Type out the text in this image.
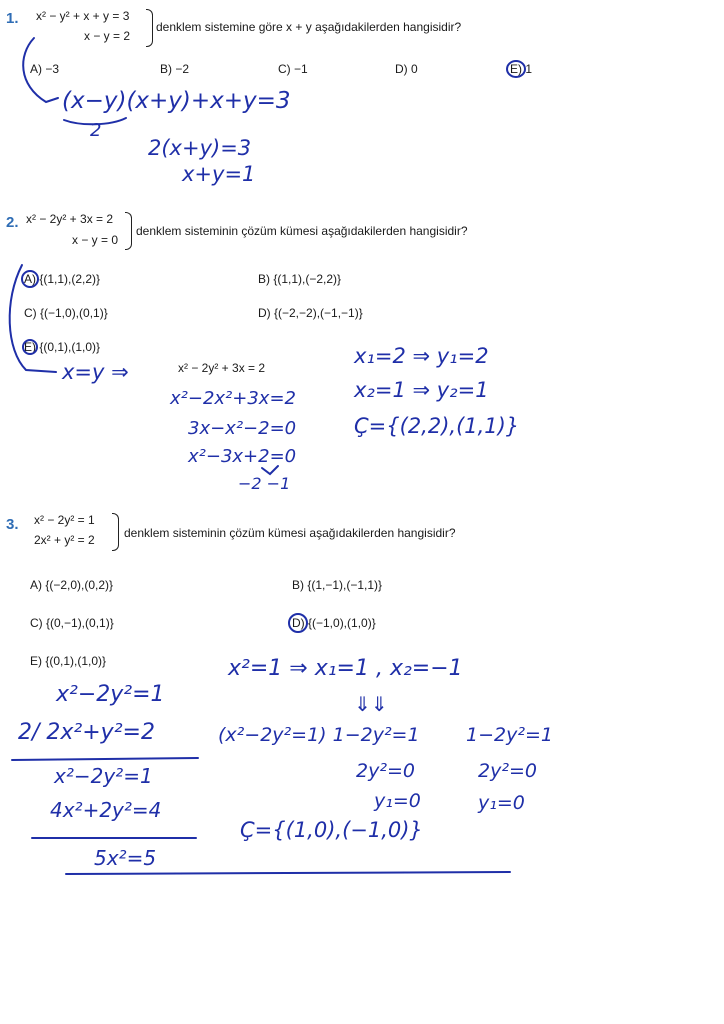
1. x² − y² + x + y = 3
x − y = 2
denklem sistemine göre x + y aşağıdakilerden hangisidir?
A) −3	B) −2	C) −1	D) 0	E) 1
(x−y)(x+y)+x+y=3
2
2(x+y)=3
x+y=1
2. x² − 2y² + 3x = 2
x − y = 0
denklem sisteminin çözüm kümesi aşağıdakilerden hangisidir?
A) {(1,1),(2,2)}	B) {(1,1),(−2,2)}
C) {(−1,0),(0,1)}	D) {(−2,−2),(−1,−1)}
E) {(0,1),(1,0)}
x=y ⇒	x² − 2y² + 3x = 2
x²−2x²+3x=2
3x−x²−2=0
x²−3x+2=0
−2 −1
x₁=2 ⇒ y₁=2
x₂=1 ⇒ y₂=1
Ç={(2,2),(1,1)}
3. x² − 2y² = 1
2x² + y² = 2 denklem sisteminin çözüm kümesi aşağıdakilerden hangisidir?
A) {(−2,0),(0,2)}	B) {(1,−1),(−1,1)}
C) {(0,−1),(0,1)}	D) {(−1,0),(1,0)}
E) {(0,1),(1,0)}
x²−2y²=1
2/ 2x²+y²=2
x²−2y²=1
4x²+2y²=4
5x²=5
x²=1 ⇒ x₁=1 , x₂=−1
⇓⇓
(x²−2y²=1) 1−2y²=1 1−2y²=1
2y²=0	2y²=0
y₁=0	y₁=0
Ç={(1,0),(−1,0)}
